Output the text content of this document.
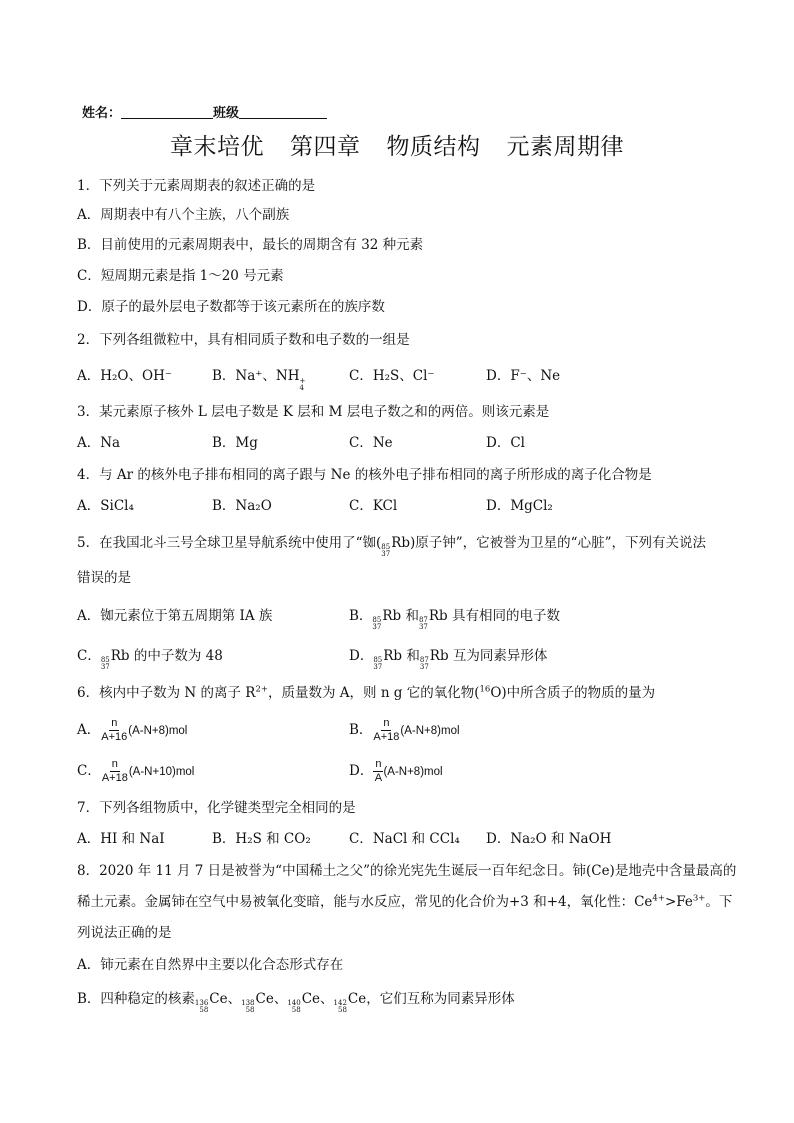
姓名：	班级
章末培优 第四章 物质结构 元素周期律
1．下列关于元素周期表的叙述正确的是
A．周期表中有八个主族，八个副族
B．目前使用的元素周期表中，最长的周期含有 32 种元素
C．短周期元素是指 1～20 号元素
D．原子的最外层电子数都等于该元素所在的族序数
2．下列各组微粒中，具有相同质子数和电子数的一组是
A．H₂O、OH⁻	B．Na⁺、NH +
4
C．H₂S、Cl⁻	D．F⁻、Ne
3．某元素原子核外 L 层电子数是 K 层和 M 层电子数之和的两倍。则该元素是
A．Na	B．Mg	C．Ne	D．Cl
4．与 Ar 的核外电子排布相同的离子跟与 Ne 的核外电子排布相同的离子所形成的离子化合物是
A．SiCl₄	B．Na₂O	C．KCl	D．MgCl₂
5．在我国北斗三号全球卫星导航系统中使用了“铷( 85
37
Rb)原子钟”，它被誉为卫星的“心脏”，下列有关说法
错误的是
A．铷元素位于第五周期第 IA 族	B． 85
37
Rb 和 87
37
Rb 具有相同的电子数
C． 85
37
Rb 的中子数为 48	D． 85
37
Rb 和 87
37
Rb 互为同素异形体
6．核内中子数为 N 的离子 $R^{2+}$，质量数为 A，则 n g 它的氧化物($^{16}$O)中所含质子的物质的量为
A． $\frac{n}{A+16} (A-N+8)mol$	B． $\frac{n}{A+18} (A-N+8)mol$
C． $\frac{n}{A+18} (A-N+10)mol$	D． $\frac{n}{A} (A-N+8)mol$
7．下列各组物质中，化学键类型完全相同的是
A．HI 和 NaI	B．H₂S 和 CO₂	C．NaCl 和 CCl₄ D．Na₂O 和 NaOH
8．2020 年 11 月 7 日是被誉为“中国稀土之父”的徐光宪先生诞辰一百年纪念日。铈(Ce)是地壳中含量最高的
稀土元素。金属铈在空气中易被氧化变暗，能与水反应，常见的化合价为+3 和+4，氧化性：$Ce^{4+}>Fe^{3+}$。下
列说法正确的是
A．铈元素在自然界中主要以化合态形式存在
B．四种稳定的核素 136
58
Ce、 138
58
Ce、 140
58
Ce、 142
58
Ce，它们互称为同素异形体
